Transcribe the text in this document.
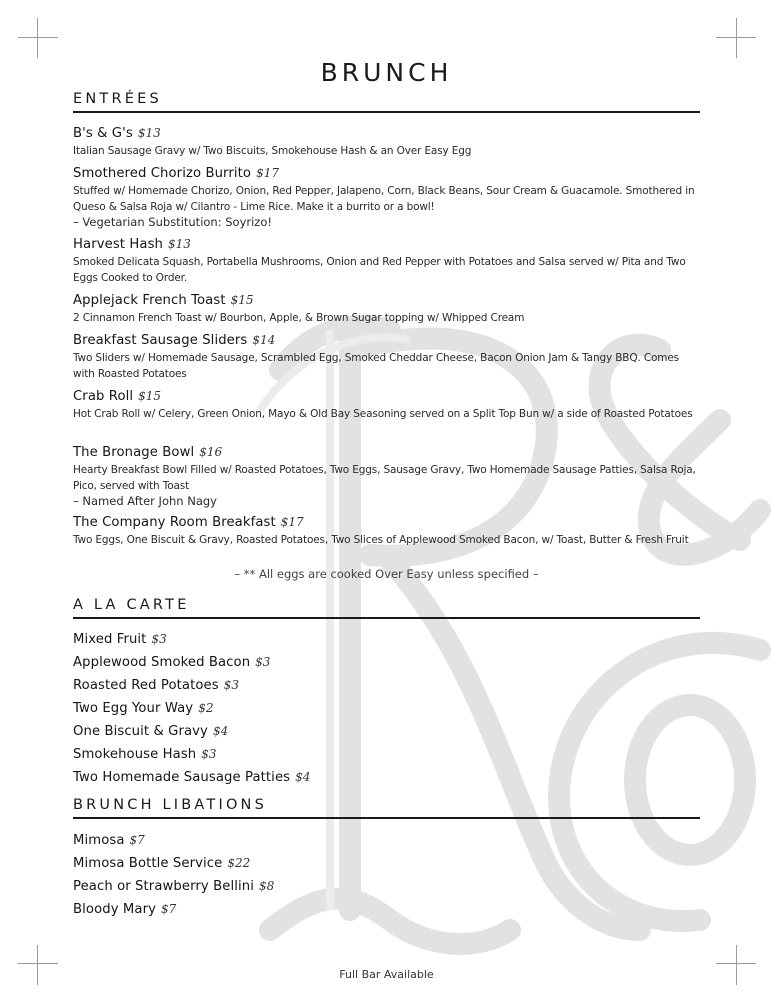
BRUNCH
ENTRÉES
B's & G's $13
Italian Sausage Gravy w/ Two Biscuits, Smokehouse Hash & an Over Easy Egg
Smothered Chorizo Burrito $17
Stuffed w/ Homemade Chorizo, Onion, Red Pepper, Jalapeno, Corn, Black Beans, Sour Cream & Guacamole. Smothered in Queso & Salsa Roja w/ Cilantro - Lime Rice. Make it a burrito or a bowl!
– Vegetarian Substitution: Soyrizo!
Harvest Hash $13
Smoked Delicata Squash, Portabella Mushrooms, Onion and Red Pepper with Potatoes and Salsa served w/ Pita and Two Eggs Cooked to Order.
Applejack French Toast $15
2 Cinnamon French Toast w/ Bourbon, Apple, & Brown Sugar topping w/ Whipped Cream
Breakfast Sausage Sliders $14
Two Sliders w/ Homemade Sausage, Scrambled Egg, Smoked Cheddar Cheese, Bacon Onion Jam & Tangy BBQ. Comes with Roasted Potatoes
Crab Roll $15
Hot Crab Roll w/ Celery, Green Onion, Mayo & Old Bay Seasoning served on a Split Top Bun w/ a side of Roasted Potatoes
The Bronage Bowl $16
Hearty Breakfast Bowl Filled w/ Roasted Potatoes, Two Eggs, Sausage Gravy, Two Homemade Sausage Patties, Salsa Roja, Pico, served with Toast
– Named After John Nagy
The Company Room Breakfast $17
Two Eggs, One Biscuit & Gravy, Roasted Potatoes, Two Slices of Applewood Smoked Bacon, w/ Toast, Butter & Fresh Fruit
– ** All eggs are cooked Over Easy unless specified –
A LA CARTE
Mixed Fruit $3
Applewood Smoked Bacon $3
Roasted Red Potatoes $3
Two Egg Your Way $2
One Biscuit & Gravy $4
Smokehouse Hash $3
Two Homemade Sausage Patties $4
BRUNCH LIBATIONS
Mimosa $7
Mimosa Bottle Service $22
Peach or Strawberry Bellini $8
Bloody Mary $7
Full Bar Available
